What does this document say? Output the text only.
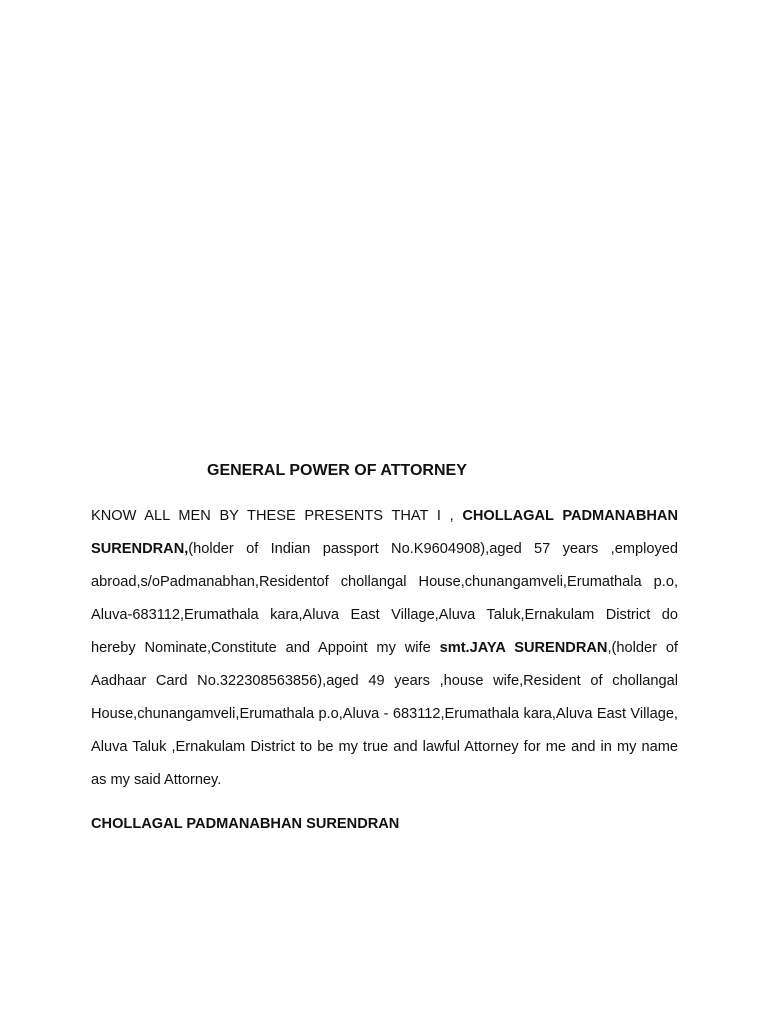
GENERAL POWER OF ATTORNEY

KNOW ALL MEN BY THESE PRESENTS THAT I , CHOLLAGAL PADMANABHAN SURENDRAN,(holder of Indian passport No.K9604908),aged 57 years ,employed abroad,s/oPadmanabhan,Residentof chollangal House,chunangamveli,Erumathala p.o, Aluva-683112,Erumathala kara,Aluva East Village,Aluva Taluk,Ernakulam District do hereby Nominate,Constitute and Appoint my wife smt.JAYA SURENDRAN,(holder of Aadhaar Card No.322308563856),aged 49 years ,house wife,Resident of chollangal House,chunangamveli,Erumathala p.o,Aluva - 683112,Erumathala kara,Aluva East Village, Aluva Taluk ,Ernakulam District to be my true and lawful Attorney for me and in my name as my said Attorney.

CHOLLAGAL PADMANABHAN SURENDRAN
